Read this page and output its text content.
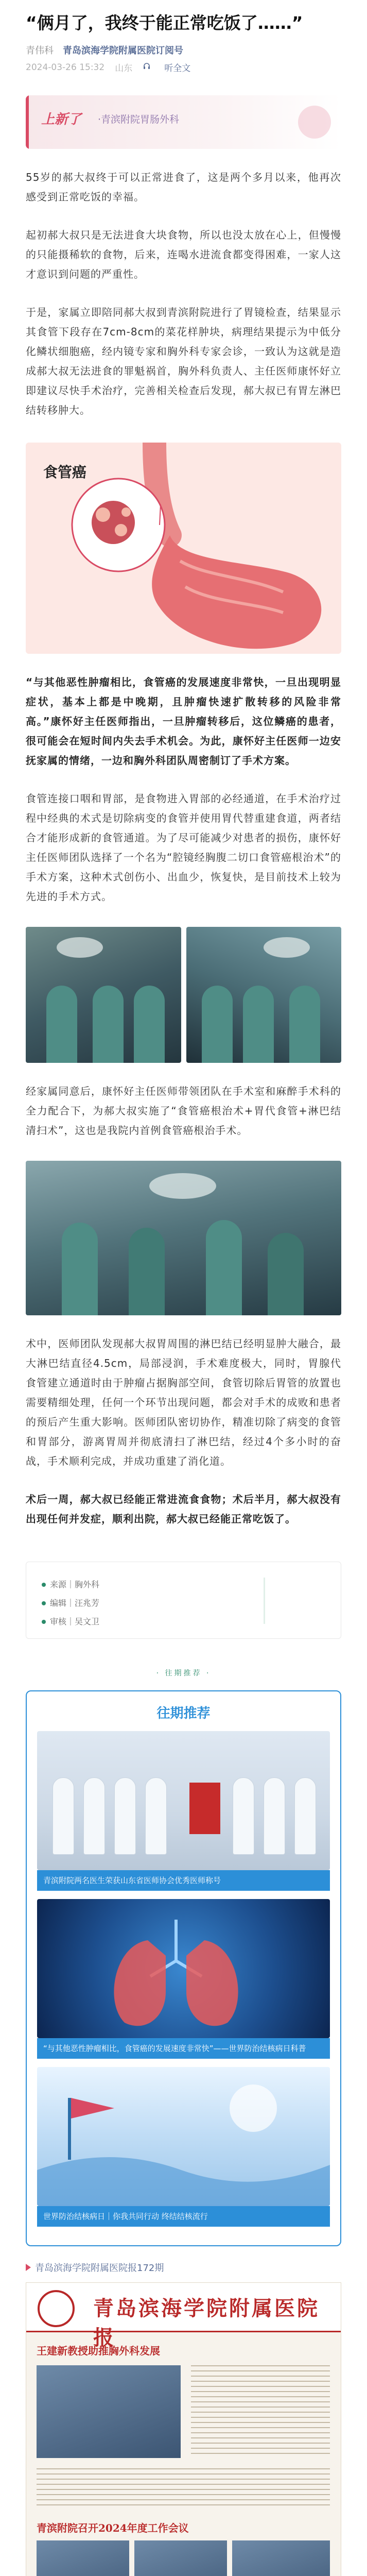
“俩月了，我终于能正常吃饭了……”
青伟科 青岛滨海学院附属医院订阅号
2024-03-26 15:32 山东	听全文
上新了 ·青滨附院胃肠外科

55岁的郝大叔终于可以正常进食了，这是两个多月以来，他再次感受到正常吃饭的幸福。

起初郝大叔只是无法进食大块食物，所以也没太放在心上，但慢慢的只能摄稀软的食物，后来，连喝水进流食都变得困难，一家人这才意识到问题的严重性。

于是，家属立即陪同郝大叔到青滨附院进行了胃镜检查，结果显示其食管下段存在7cm-8cm的菜花样肿块，病理结果提示为中低分化鳞状细胞癌，经内镜专家和胸外科专家会诊，一致认为这就是造成郝大叔无法进食的罪魁祸首，胸外科负责人、主任医师康怀好立即建议尽快手术治疗，完善相关检查后发现，郝大叔已有胃左淋巴结转移肿大。

食管癌

“与其他恶性肿瘤相比，食管癌的发展速度非常快，一旦出现明显症状，基本上都是中晚期，且肿瘤快速扩散转移的风险非常高。”康怀好主任医师指出，一旦肿瘤转移后，这位鳞癌的患者，很可能会在短时间内失去手术机会。为此，康怀好主任医师一边安抚家属的情绪，一边和胸外科团队周密制订了手术方案。

食管连接口咽和胃部，是食物进入胃部的必经通道，在手术治疗过程中经典的术式是切除病变的食管并使用胃代替重建食道，两者结合才能形成新的食管通道。为了尽可能减少对患者的损伤，康怀好主任医师团队选择了一个名为“腔镜经胸腹二切口食管癌根治术”的手术方案，这种术式创伤小、出血少，恢复快，是目前技术上较为先进的手术方式。

经家属同意后，康怀好主任医师带领团队在手术室和麻醉手术科的全力配合下，为郝大叔实施了“食管癌根治术+胃代食管+淋巴结清扫术”，这也是我院内首例食管癌根治手术。

术中，医师团队发现郝大叔胃周围的淋巴结已经明显肿大融合，最大淋巴结直径4.5cm，局部浸润，手术难度极大，同时，胃腺代食管建立通道时由于肿瘤占据胸部空间，食管切除后胃管的放置也需要精细处理，任何一个环节出现问题，都会对手术的成败和患者的预后产生重大影响。医师团队密切协作，精准切除了病变的食管和胃部分，游离胃周并彻底清扫了淋巴结，经过4个多小时的奋战，手术顺利完成，并成功重建了消化道。

术后一周，郝大叔已经能正常进流食食物；术后半月，郝大叔没有出现任何并发症，顺利出院，郝大叔已经能正常吃饭了。

来源｜胸外科
编辑｜汪兆芳
审核｜吴文卫
· 往期推荐 ·
往期推荐
青滨附院两名医生荣获山东省医师协会优秀医师称号
“与其他恶性肿瘤相比，食管癌的发展速度非常快”——世界防治结核病日科普
世界防治结核病日｜你我共同行动 终结结核流行
青岛滨海学院附属医院报172期
青岛滨海学院附属医院报
王建新教授助推胸外科发展
青滨附院召开2024年度工作会议
